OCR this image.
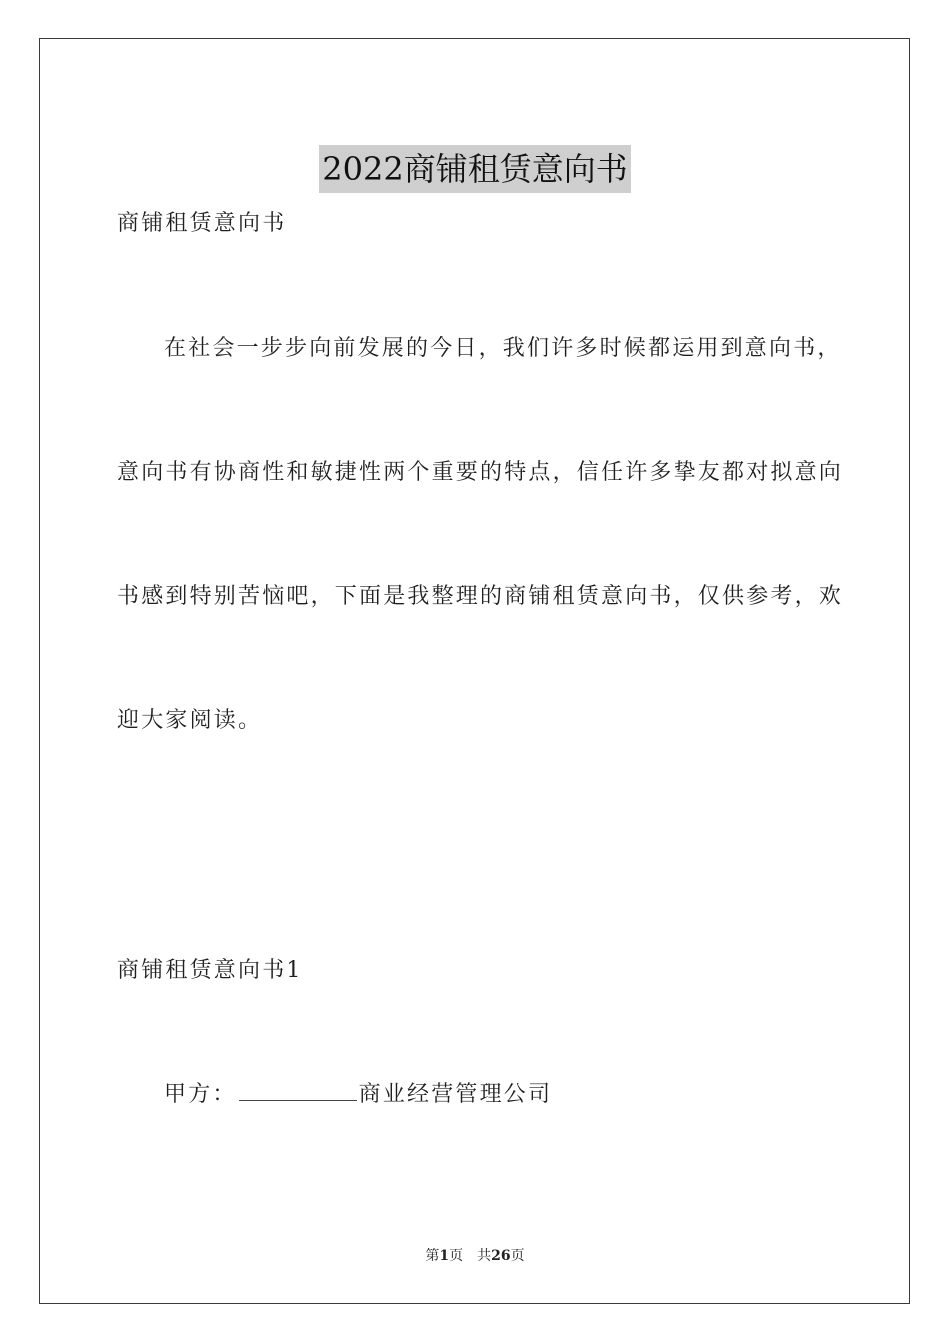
2022商铺租赁意向书
商铺租赁意向书
在社会一步步向前发展的今日，我们许多时候都运用到意向书，
意向书有协商性和敏捷性两个重要的特点，信任许多挚友都对拟意向
书感到特别苦恼吧，下面是我整理的商铺租赁意向书，仅供参考，欢
迎大家阅读。
商铺租赁意向书1
甲方：	商业经营管理公司
第1页 共26页
